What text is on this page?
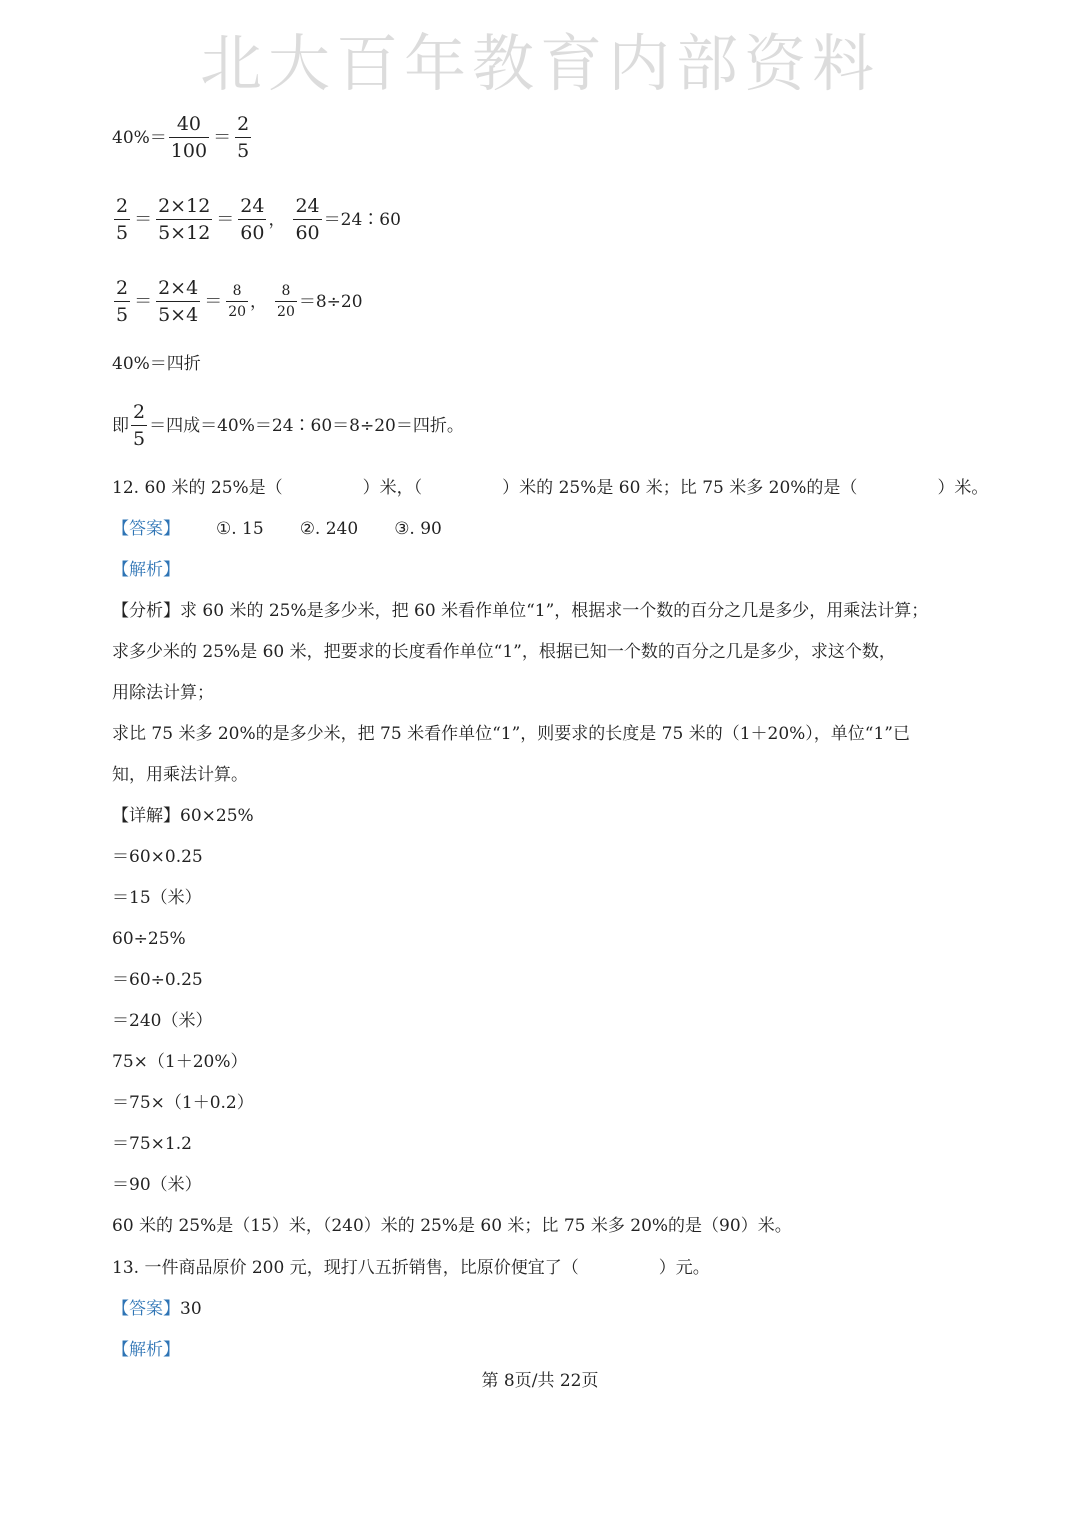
北大百年教育内部资料
$40\%= \frac{40}{100} = \frac{2}{5}$
$\frac{2}{5} = \frac{2\times 12}{5\times 12} = \frac{24}{60}$ ， $\frac{24}{60}$ ＝24∶60
$\frac{2}{5} = \frac{2\times 4}{5\times 4} = \frac{8}{20}$ ， $\frac{8}{20} =8\div 20$
40%＝四折
即 $\frac{2}{5}$ ＝四成＝40%＝24∶60＝8÷20＝四折。
12. 60 米的 25%是（	）米，（	）米的 25%是 60 米；比 75 米多 20%的是（	）米。
【答案】 ①. 15 ②. 240 ③. 90
【解析】
【分析】求 60 米的 25%是多少米，把 60 米看作单位“1”，根据求一个数的百分之几是多少，用乘法计算；
求多少米的 25%是 60 米，把要求的长度看作单位“1”，根据已知一个数的百分之几是多少，求这个数，
用除法计算；
求比 75 米多 20%的是多少米，把 75 米看作单位“1”，则要求的长度是 75 米的（1＋20%），单位“1”已
知，用乘法计算。
【详解】60×25%
＝60×0.25
＝15（米）
60÷25%
＝60÷0.25
＝240（米）
75×（1＋20%）
＝75×（1＋0.2）
＝75×1.2
＝90（米）
60 米的 25%是（15）米，（240）米的 25%是 60 米；比 75 米多 20%的是（90）米。
13. 一件商品原价 200 元，现打八五折销售，比原价便宜了（	）元。
【答案】30
【解析】
第 8页/共 22页
